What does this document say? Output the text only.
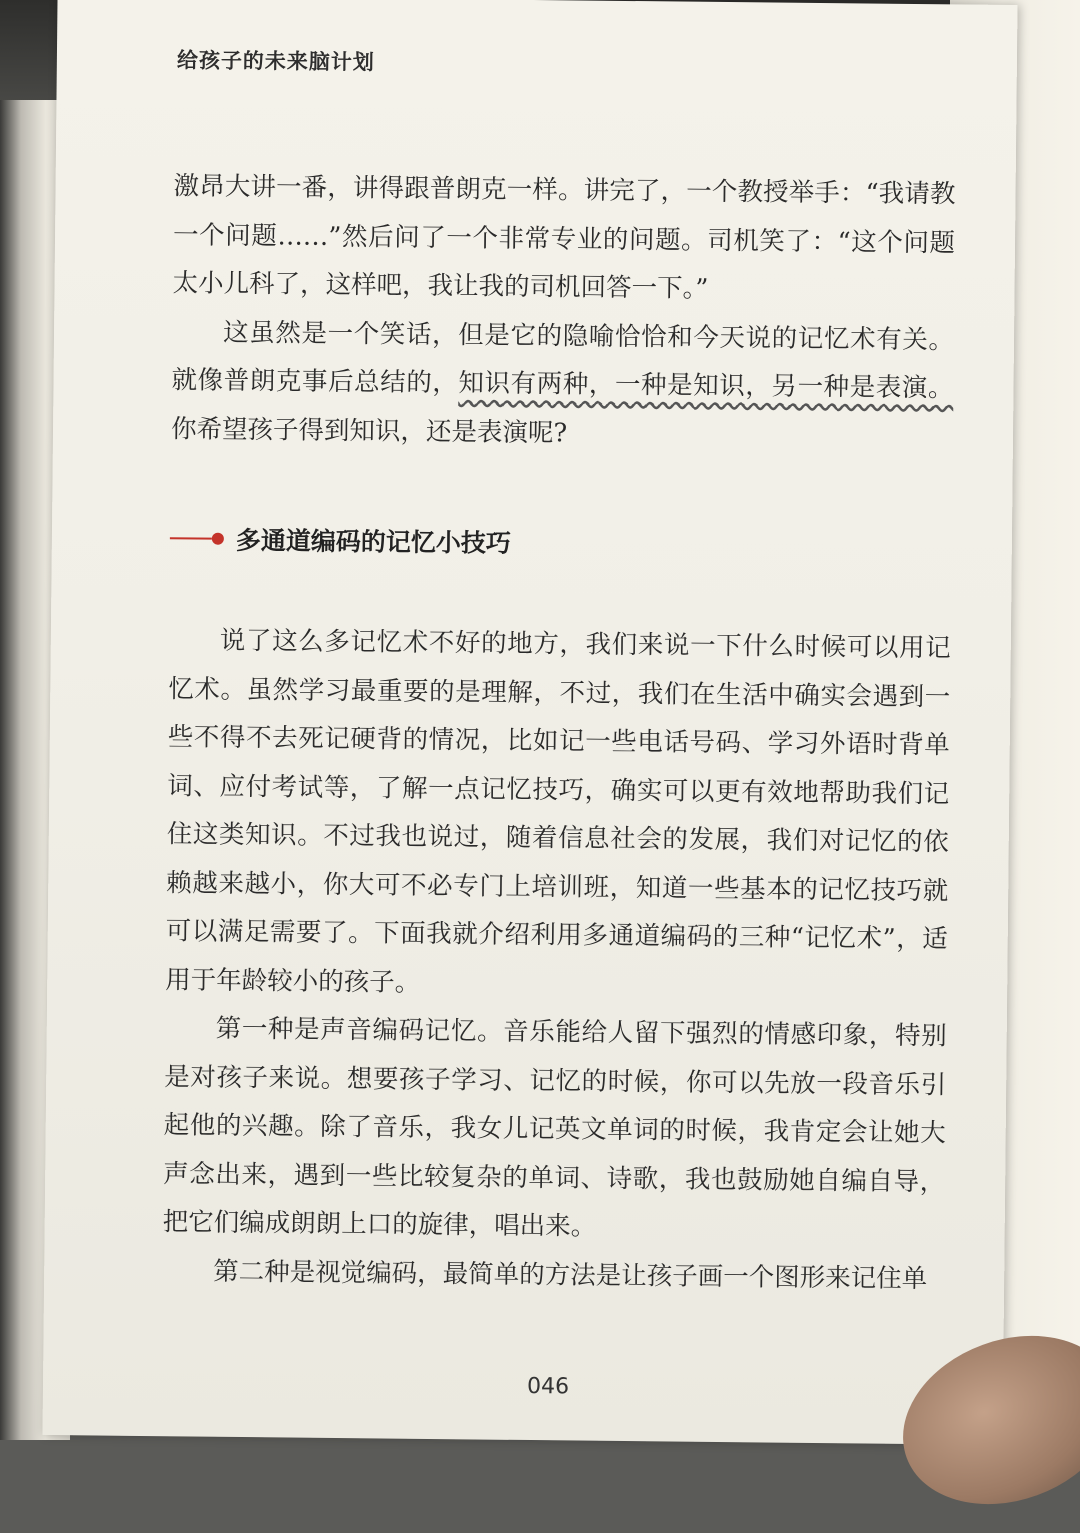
给孩子的未来脑计划

激昂大讲一番，讲得跟普朗克一样。讲完了，一个教授举手：“我请教一个问题……”然后问了一个非常专业的问题。司机笑了：“这个问题太小儿科了，这样吧，我让我的司机回答一下。”

这虽然是一个笑话，但是它的隐喻恰恰和今天说的记忆术有关。就像普朗克事后总结的，知识有两种，一种是知识，另一种是表演。你希望孩子得到知识，还是表演呢?

多通道编码的记忆小技巧

说了这么多记忆术不好的地方，我们来说一下什么时候可以用记忆术。虽然学习最重要的是理解，不过，我们在生活中确实会遇到一些不得不去死记硬背的情况，比如记一些电话号码、学习外语时背单词、应付考试等，了解一点记忆技巧，确实可以更有效地帮助我们记住这类知识。不过我也说过，随着信息社会的发展，我们对记忆的依赖越来越小，你大可不必专门上培训班，知道一些基本的记忆技巧就可以满足需要了。下面我就介绍利用多通道编码的三种“记忆术”，适用于年龄较小的孩子。

第一种是声音编码记忆。音乐能给人留下强烈的情感印象，特别是对孩子来说。想要孩子学习、记忆的时候，你可以先放一段音乐引起他的兴趣。除了音乐，我女儿记英文单词的时候，我肯定会让她大声念出来，遇到一些比较复杂的单词、诗歌，我也鼓励她自编自导，把它们编成朗朗上口的旋律，唱出来。

第二种是视觉编码，最简单的方法是让孩子画一个图形来记住单

046
